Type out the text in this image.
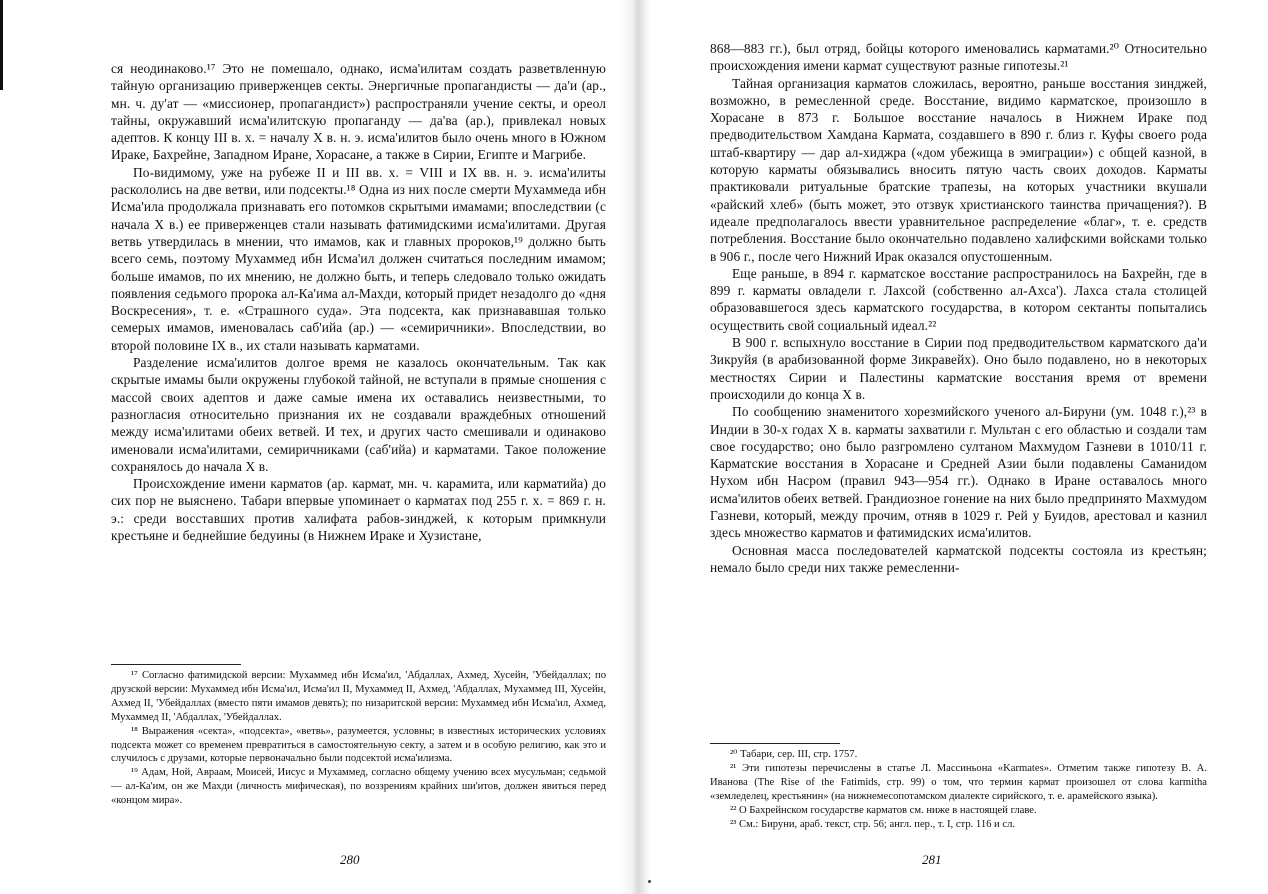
ся неодинаково.¹⁷ Это не помешало, однако, исма'илитам создать разветвленную тайную организацию приверженцев секты. Энергичные пропагандисты — да'и (ар., мн. ч. ду'ат — «миссионер, пропагандист») распространяли учение секты, и ореол тайны, окружавший исма'илитскую пропаганду — да'ва (ар.), привлекал новых адептов. К концу III в. х. = началу X в. н. э. исма'илитов было очень много в Южном Ираке, Бахрейне, Западном Иране, Хорасане, а также в Сирии, Египте и Магрибе.

По-видимому, уже на рубеже II и III вв. х. = VIII и IX вв. н. э. исма'илиты раскололись на две ветви, или подсекты.¹⁸ Одна из них после смерти Мухаммеда ибн Исма'ила продолжала признавать его потомков скрытыми имамами; впоследствии (с начала X в.) ее приверженцев стали называть фатимидскими исма'илитами. Другая ветвь утвердилась в мнении, что имамов, как и главных пророков,¹⁹ должно быть всего семь, поэтому Мухаммед ибн Исма'ил должен считаться последним имамом; больше имамов, по их мнению, не должно быть, и теперь следовало только ожидать появления седьмого пророка ал-Ка'има ал-Махди, который придет незадолго до «дня Воскресения», т. е. «Страшного суда». Эта подсекта, как признававшая только семерых имамов, именовалась саб'ийа (ар.) — «семиричники». Впоследствии, во второй половине IX в., их стали называть карматами.

Разделение исма'илитов долгое время не казалось окончательным. Так как скрытые имамы были окружены глубокой тайной, не вступали в прямые сношения с массой своих адептов и даже самые имена их оставались неизвестными, то разногласия относительно признания их не создавали враждебных отношений между исма'илитами обеих ветвей. И тех, и других часто смешивали и одинаково именовали исма'илитами, семиричниками (саб'ийа) и карматами. Такое положение сохранялось до начала X в.

Происхождение имени карматов (ар. кармат, мн. ч. карамита, или карматийа) до сих пор не выяснено. Табари впервые упоминает о карматах под 255 г. х. = 869 г. н. э.: среди восставших против халифата рабов-зинджей, к которым примкнули крестьяне и беднейшие бедуины (в Нижнем Ираке и Хузистане,

¹⁷ Согласно фатимидской версии: Мухаммед ибн Исма'ил, 'Абдаллах, Ахмед, Хусейн, 'Убейдаллах; по друзской версии: Мухаммед ибн Исма'ил, Исма'ил II, Мухаммед II, Ахмед, 'Абдаллах, Мухаммед III, Хусейн, Ахмед II, 'Убейдаллах (вместо пяти имамов девять); по низаритской версии: Мухаммед ибн Исма'ил, Ахмед, Мухаммед II, 'Абдаллах, 'Убейдаллах.

¹⁸ Выражения «секта», «подсекта», «ветвь», разумеется, условны; в известных исторических условиях подсекта может со временем превратиться в самостоятельную секту, а затем и в особую религию, как это и случилось с друзами, которые первоначально были подсектой исма'илизма.

¹⁹ Адам, Ной, Авраам, Моисей, Иисус и Мухаммед, согласно общему учению всех мусульман; седьмой — ал-Ка'им, он же Махди (личность мифическая), по воззрениям крайних ши'итов, должен явиться перед «концом мира».

280

868—883 гг.), был отряд, бойцы которого именовались карматами.²⁰ Относительно происхождения имени кармат существуют разные гипотезы.²¹

Тайная организация карматов сложилась, вероятно, раньше восстания зинджей, возможно, в ремесленной среде. Восстание, видимо карматское, произошло в Хорасане в 873 г. Большое восстание началось в Нижнем Ираке под предводительством Хамдана Кармата, создавшего в 890 г. близ г. Куфы своего рода штаб-квартиру — дар ал-хиджра («дом убежища в эмиграции») с общей казной, в которую карматы обязывались вносить пятую часть своих доходов. Карматы практиковали ритуальные братские трапезы, на которых участники вкушали «райский хлеб» (быть может, это отзвук христианского таинства причащения?). В идеале предполагалось ввести уравнительное распределение «благ», т. е. средств потребления. Восстание было окончательно подавлено халифскими войсками только в 906 г., после чего Нижний Ирак оказался опустошенным.

Еще раньше, в 894 г. карматское восстание распространилось на Бахрейн, где в 899 г. карматы овладели г. Лахсой (собственно ал-Ахса'). Лахса стала столицей образовавшегося здесь карматского государства, в котором сектанты попытались осуществить свой социальный идеал.²²

В 900 г. вспыхнуло восстание в Сирии под предводительством карматского да'и Зикруйя (в арабизованной форме Зикравейх). Оно было подавлено, но в некоторых местностях Сирии и Палестины карматские восстания время от времени происходили до конца X в.

По сообщению знаменитого хорезмийского ученого ал-Бируни (ум. 1048 г.),²³ в Индии в 30-х годах X в. карматы захватили г. Мультан с его областью и создали там свое государство; оно было разгромлено султаном Махмудом Газневи в 1010/11 г. Карматские восстания в Хорасане и Средней Азии были подавлены Саманидом Нухом ибн Насром (правил 943—954 гг.). Однако в Иране оставалось много исма'илитов обеих ветвей. Грандиозное гонение на них было предпринято Махмудом Газневи, который, между прочим, отняв в 1029 г. Рей у Буидов, арестовал и казнил здесь множество карматов и фатимидских исма'илитов.

Основная масса последователей карматской подсекты состояла из крестьян; немало было среди них также ремесленни-

²⁰ Табари, сер. III, стр. 1757.

²¹ Эти гипотезы перечислены в статье Л. Массиньона «Karmates». Отметим также гипотезу В. А. Иванова (The Rise of the Fatimids, стр. 99) о том, что термин кармат произошел от слова karmitha «земледелец, крестьянин» (на нижнемесопотамском диалекте сирийского, т. е. арамейского языка).

²² О Бахрейнском государстве карматов см. ниже в настоящей главе.

²³ См.: Бируни, араб. текст, стр. 56; англ. пер., т. I, стр. 116 и сл.

281
